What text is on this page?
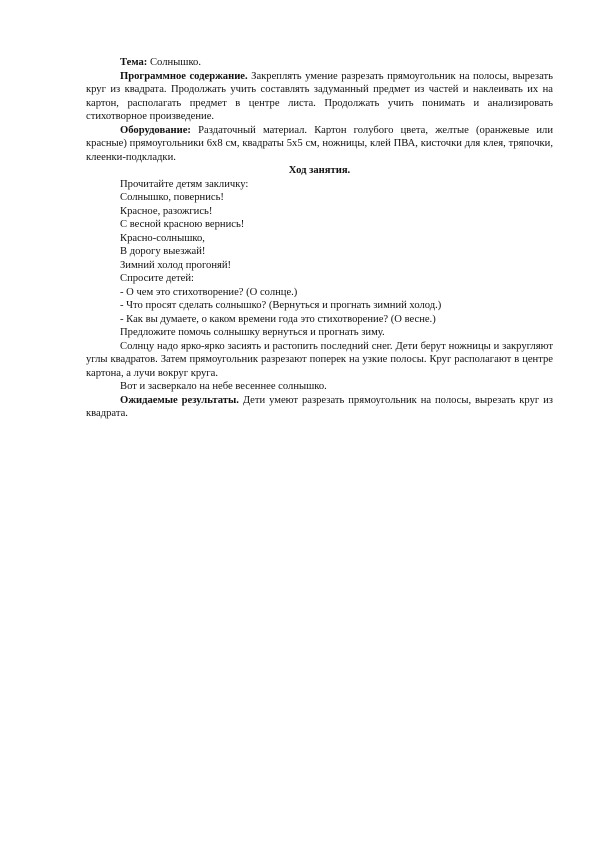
Тема: Солнышко.

Программное содержание. Закреплять умение разрезать прямоугольник на полосы, вырезать круг из квадрата. Продолжать учить составлять задуманный предмет из частей и наклеивать их на картон, располагать предмет в центре листа. Продолжать учить понимать и анализировать стихотворное произведение.

Оборудование: Раздаточный материал. Картон голубого цвета, желтые (оранжевые или красные) прямоугольники 6х8 см, квадраты 5х5 см, ножницы, клей ПВА, кисточки для клея, тряпочки, клеенки-подкладки.

Ход занятия.

Прочитайте детям закличку:

Солнышко, повернись!

Красное, разожгись!

С весной красною вернись!

Красно-солнышко,

В дорогу выезжай!

Зимний холод прогоняй!

Спросите детей:

- О чем это стихотворение? (О солнце.)

- Что просят сделать солнышко? (Вернуться и прогнать зимний холод.)

- Как вы думаете, о каком времени года это стихотворение? (О весне.)

Предложите помочь солнышку вернуться и прогнать зиму.

Солнцу надо ярко-ярко засиять и растопить последний снег. Дети берут ножницы и закругляют углы квадратов. Затем прямоугольник разрезают поперек на узкие полосы. Круг располагают в центре картона, а лучи вокруг круга.

Вот и засверкало на небе весеннее солнышко.

Ожидаемые результаты. Дети умеют разрезать прямоугольник на полосы, вырезать круг из квадрата.
